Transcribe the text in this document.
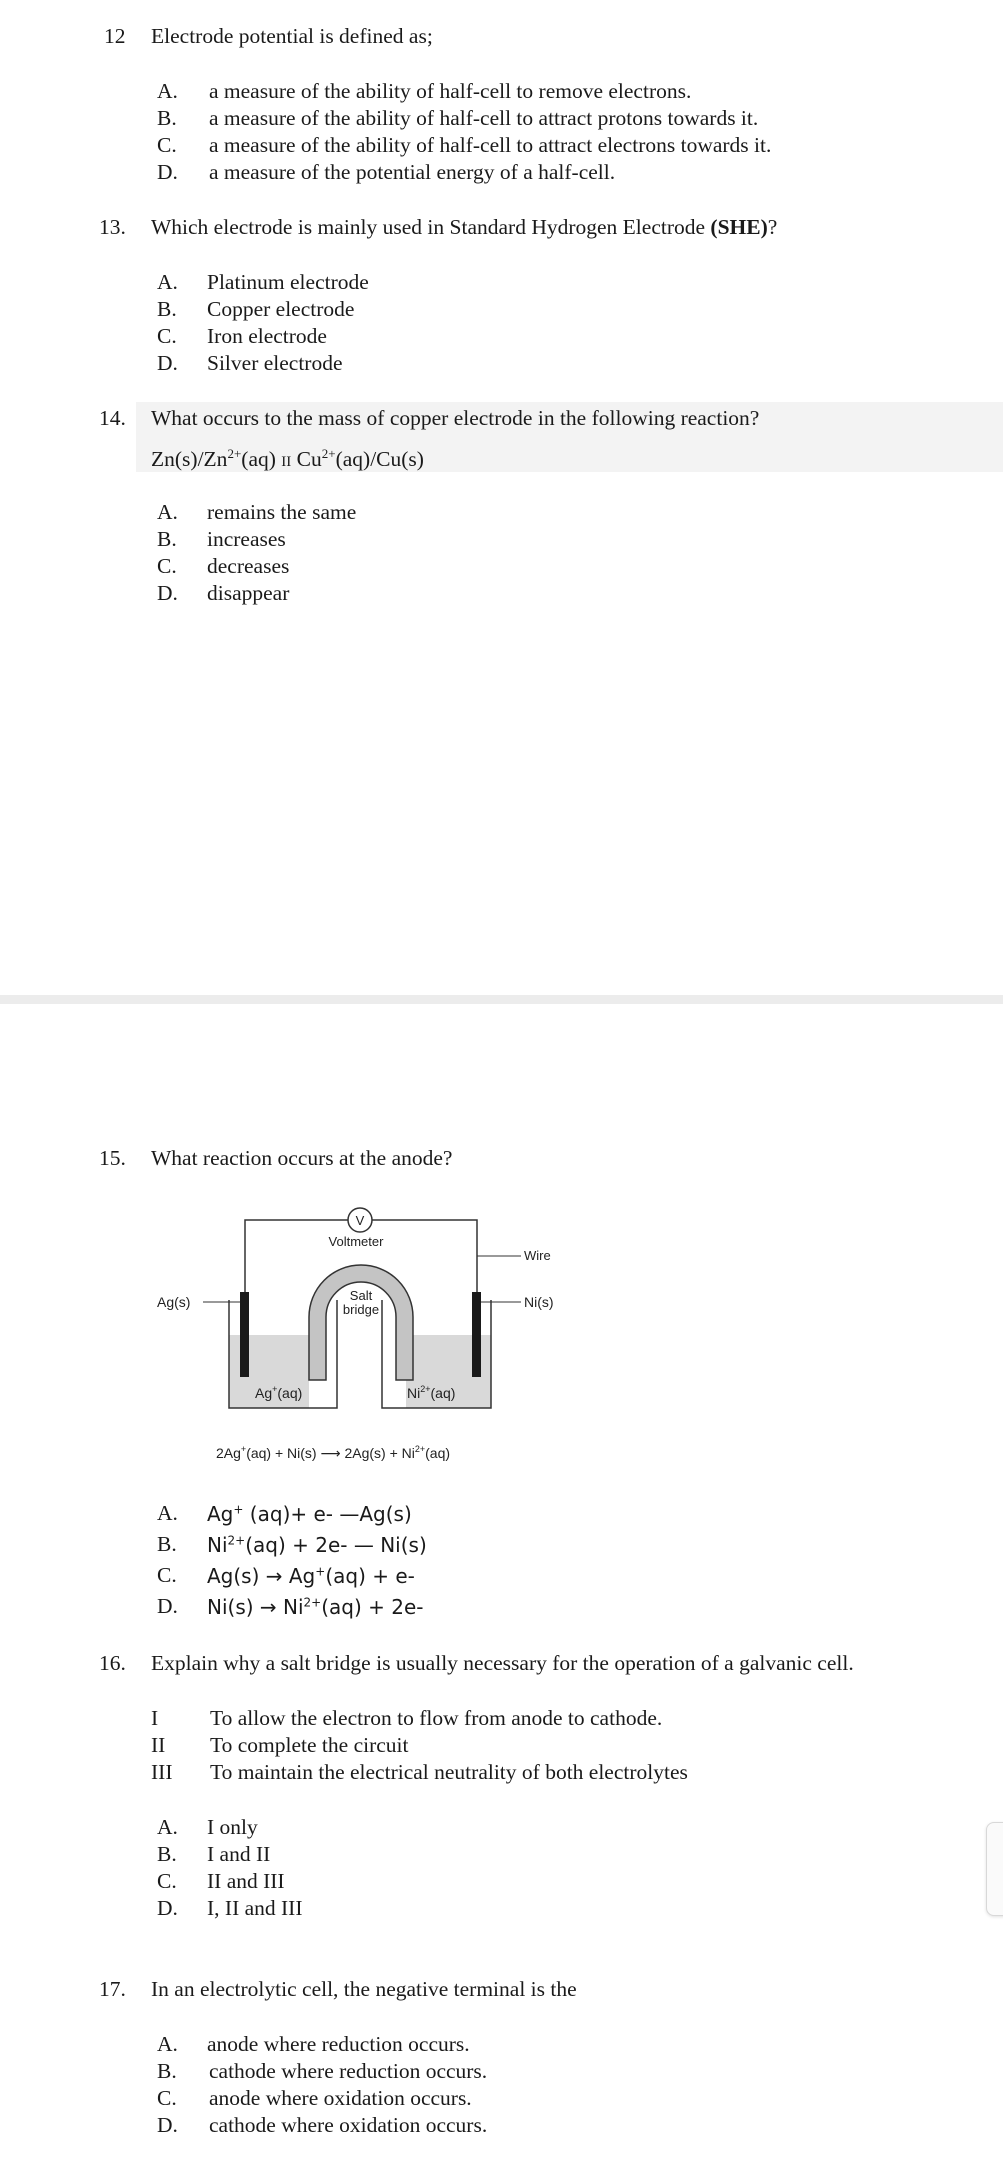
12 Electrode potential is defined as;
A. a measure of the ability of half-cell to remove electrons.
B. a measure of the ability of half-cell to attract protons towards it.
C. a measure of the ability of half-cell to attract electrons towards it.
D. a measure of the potential energy of a half-cell.
13. Which electrode is mainly used in Standard Hydrogen Electrode (SHE)?
A. Platinum electrode
B. Copper electrode
C. Iron electrode
D. Silver electrode
14. What occurs to the mass of copper electrode in the following reaction?
$Zn(s)/Zn^{2+}(aq)$ II $Cu^{2+}(aq)/Cu(s)$
A. remains the same
B. increases
C. decreases
D. disappear
15. What reaction occurs at the anode?
V
Voltmeter
Wire
Ag(s)	Ni(s)
Salt
bridge
Ag+(aq)	$Ni^{2+}(aq)$
2Ag+(aq) + Ni(s) ⟶ $2Ag(s) + Ni^{2+}(aq)$
A. Ag+ (aq)+ e- —Ag(s)
B. $Ni^{2+}(aq) + 2e-$ — Ni(s)
C. Ag(s) → Ag+(aq) + e-
D. $Ni(s) \to Ni^{2+}(aq) + 2e-$
16. Explain why a salt bridge is usually necessary for the operation of a galvanic cell.
I To allow the electron to flow from anode to cathode.
II To complete the circuit
III To maintain the electrical neutrality of both electrolytes
A. I only
B. I and II
C. II and III
D. I, II and III
17. In an electrolytic cell, the negative terminal is the
A. anode where reduction occurs.
B. cathode where reduction occurs.
C. anode where oxidation occurs.
D. cathode where oxidation occurs.
